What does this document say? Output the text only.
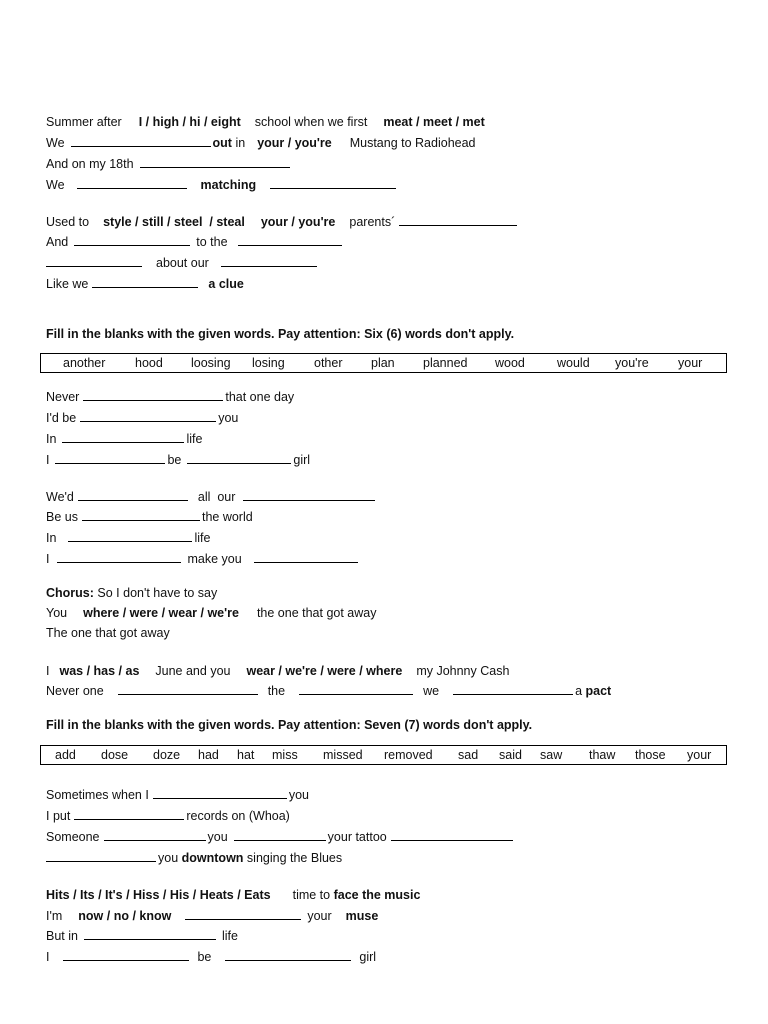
Summer after I / high / hi / eight school when we first meat / meet / met
We	out in your / you're Mustang to Radiohead
And on my 18th
We	matching
Used to style / still / steel  / steal your / you're parents´
And	to the
about our
Like we	a clue
Fill in the blanks with the given words. Pay attention: Six (6) words don't apply.
another hood loosing losing other plan planned wood	would you're your
Never	that one day
I'd be	you
In	life
I	be	girl
We'd	all  our
Be us	the world
In	life
I	make you
Chorus: So I don't have to say
You where / were / wear / we're the one that got away
The one that got away
I was / has / as June and you wear / we're / were / where my Johnny Cash
Never one	the	we	a pact
Fill in the blanks with the given words. Pay attention: Seven (7) words don't apply.
add dose doze had hat miss missed removed sad said saw thaw those your
Sometimes when I	you
I put	records on (Whoa)
Someone	you	your tattoo
you downtown singing the Blues
Hits / Its / It's / Hiss / His / Heats / Eats time to face the music
I'm now / no / know	your muse
But in	life
I	be	girl
